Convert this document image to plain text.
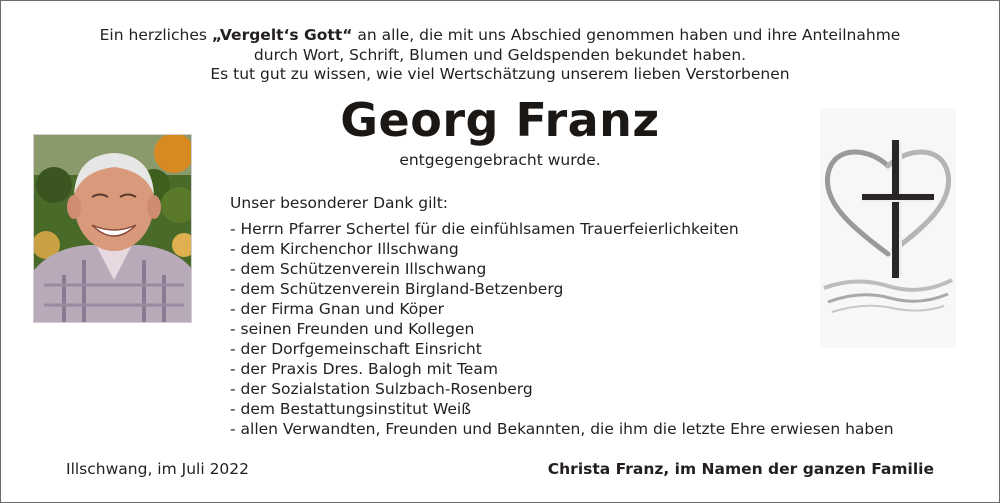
Ein herzliches „Vergelt‘s Gott“ an alle, die mit uns Abschied genommen haben und ihre Anteilnahme
durch Wort, Schrift, Blumen und Geldspenden bekundet haben.
Es tut gut zu wissen, wie viel Wertschätzung unserem lieben Verstorbenen
Georg Franz
entgegengebracht wurde.
Unser besonderer Dank gilt:
- Herrn Pfarrer Schertel für die einfühlsamen Trauerfeierlichkeiten
- dem Kirchenchor Illschwang
- dem Schützenverein Illschwang
- dem Schützenverein Birgland-Betzenberg
- der Firma Gnan und Köper
- seinen Freunden und Kollegen
- der Dorfgemeinschaft Einsricht
- der Praxis Dres. Balogh mit Team
- der Sozialstation Sulzbach-Rosenberg
- dem Bestattungsinstitut Weiß
- allen Verwandten, Freunden und Bekannten, die ihm die letzte Ehre erwiesen haben
Illschwang, im Juli 2022	Christa Franz, im Namen der ganzen Familie
